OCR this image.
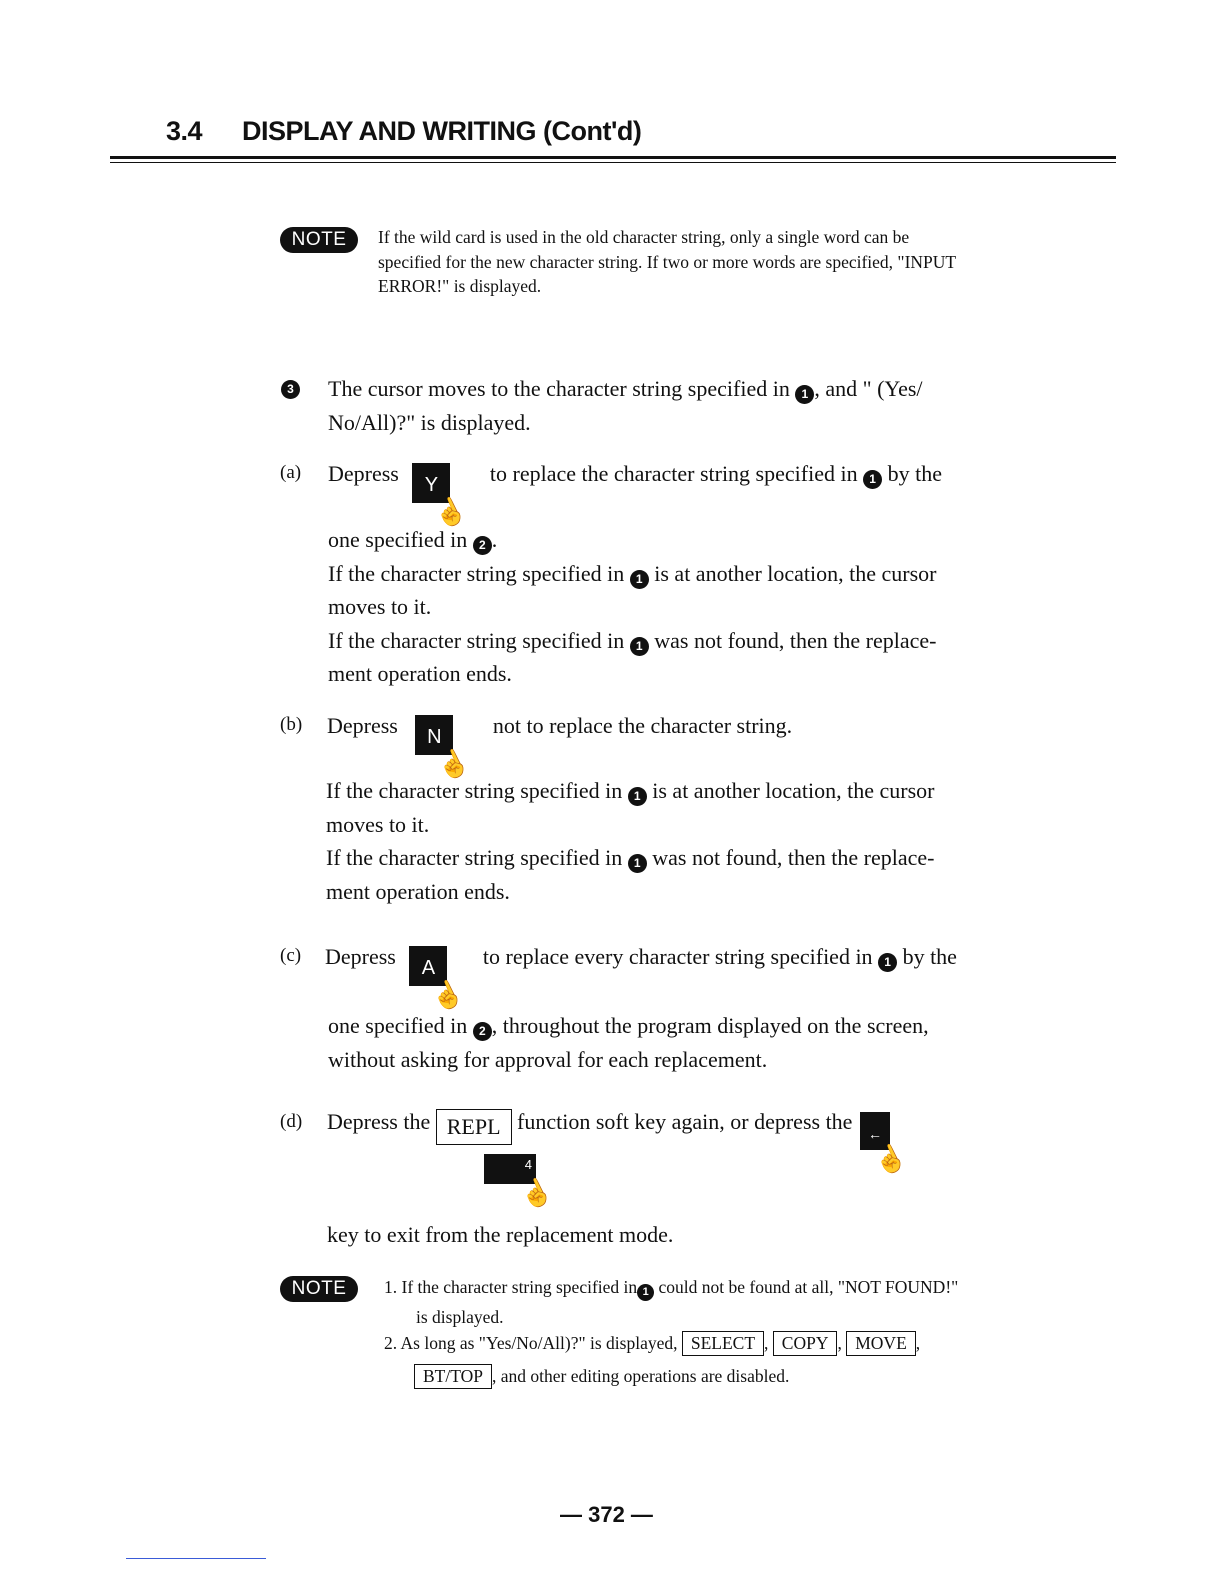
3.4 DISPLAY AND WRITING (Cont'd)
NOTE	If the wild card is used in the old character string, only a single word can be
specified for the new character string. If two or more words are specified, "INPUT
ERROR!" is displayed.
3 The cursor moves to the character string specified in 1 , and " (Yes/
No/All)?" is displayed.
(a) Depress Y
☝
to replace the character string specified in 1 by the
one specified in 2 .
If the character string specified in 1 is at another location, the cursor
moves to it.
If the character string specified in 1 was not found, then the replace-
ment operation ends.
(b) Depress N
☝
not to replace the character string.
If the character string specified in 1 is at another location, the cursor
moves to it.
If the character string specified in 1 was not found, then the replace-
ment operation ends.
(c) Depress A
☝
to replace every character string specified in 1 by the
one specified in 2 , throughout the program displayed on the screen,
without asking for approval for each replacement.
(d) Depress the REPL function soft key again, or depress the ←
☝
4
☝
key to exit from the replacement mode.
NOTE	1. If the character string specified in 1 could not be found at all, "NOT FOUND!"
is displayed.
2. As long as "Yes/No/All)?" is displayed, SELECT , COPY , MOVE ,
BT/TOP , and other editing operations are disabled.
— 372 —
